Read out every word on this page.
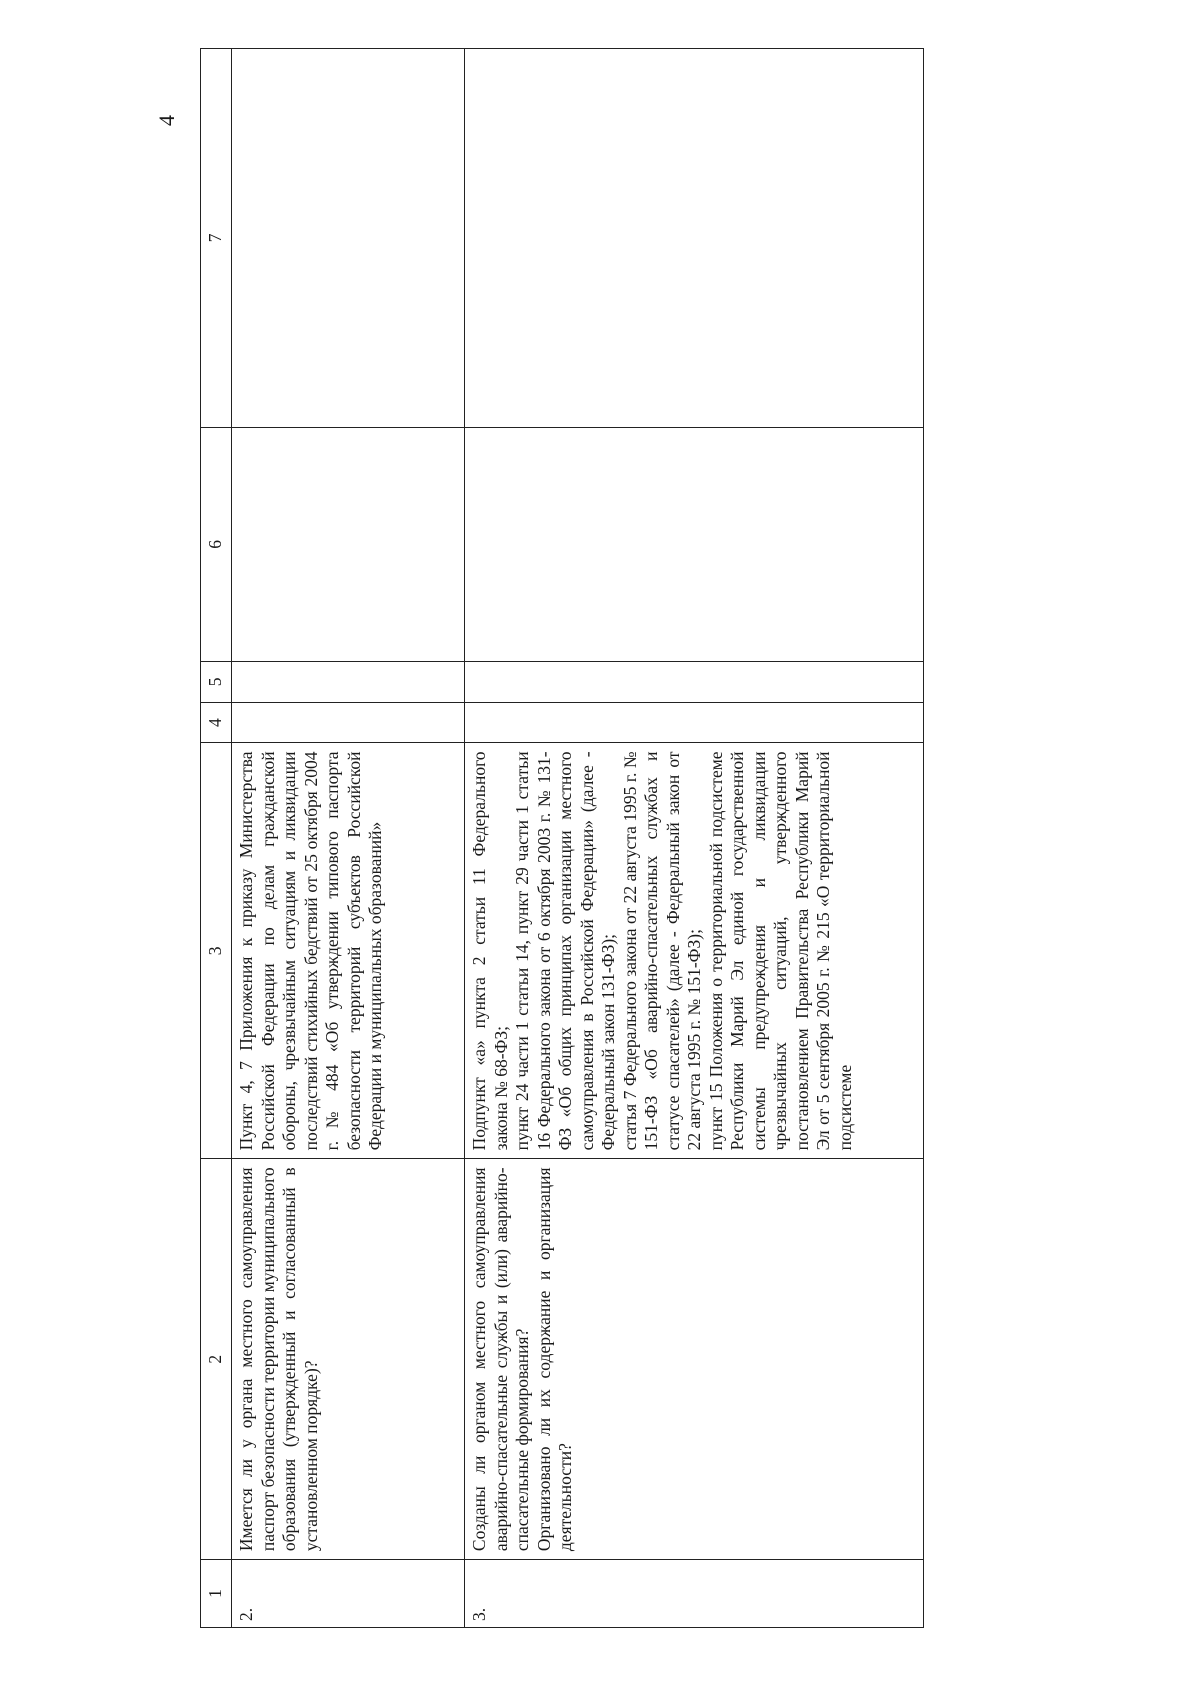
4
1	2	3	4	5	6	7
2.	Имеется ли у органа местного самоуправления паспорт безопасности территории муниципального образования (утвержденный и согласованный в установленном порядке)?	Пункт 4, 7 Приложения к приказу Министерства Российской Федерации по делам гражданской обороны, чрезвычайным ситуациям и ликвидации последствий стихийных бедствий от 25 октября 2004 г. № 484 «Об утверждении типового паспорта безопасности территорий субъектов Российской Федерации и муниципальных образований»				
3.	Созданы ли органом местного самоуправления аварийно-спасательные службы и (или) аварийно-спасательные формирования? Организовано ли их содержание и организация деятельности?	Подпункт «а» пункта 2 статьи 11 Федерального закона № 68-ФЗ; пункт 24 части 1 статьи 14, пункт 29 части 1 статьи 16 Федерального закона от 6 октября 2003 г. № 131-ФЗ «Об общих принципах организации местного самоуправления в Российской Федерации» (далее - Федеральный закон 131-ФЗ); статья 7 Федерального закона от 22 августа 1995 г. № 151-ФЗ «Об аварийно-спасательных службах и статусе спасателей» (далее - Федеральный закон от 22 августа 1995 г. № 151-ФЗ); пункт 15 Положения о территориальной подсистеме Республики Марий Эл единой государственной системы предупреждения и ликвидации чрезвычайных ситуаций, утвержденного постановлением Правительства Республики Марий Эл от 5 сентября 2005 г. № 215 «О территориальной подсистеме				
